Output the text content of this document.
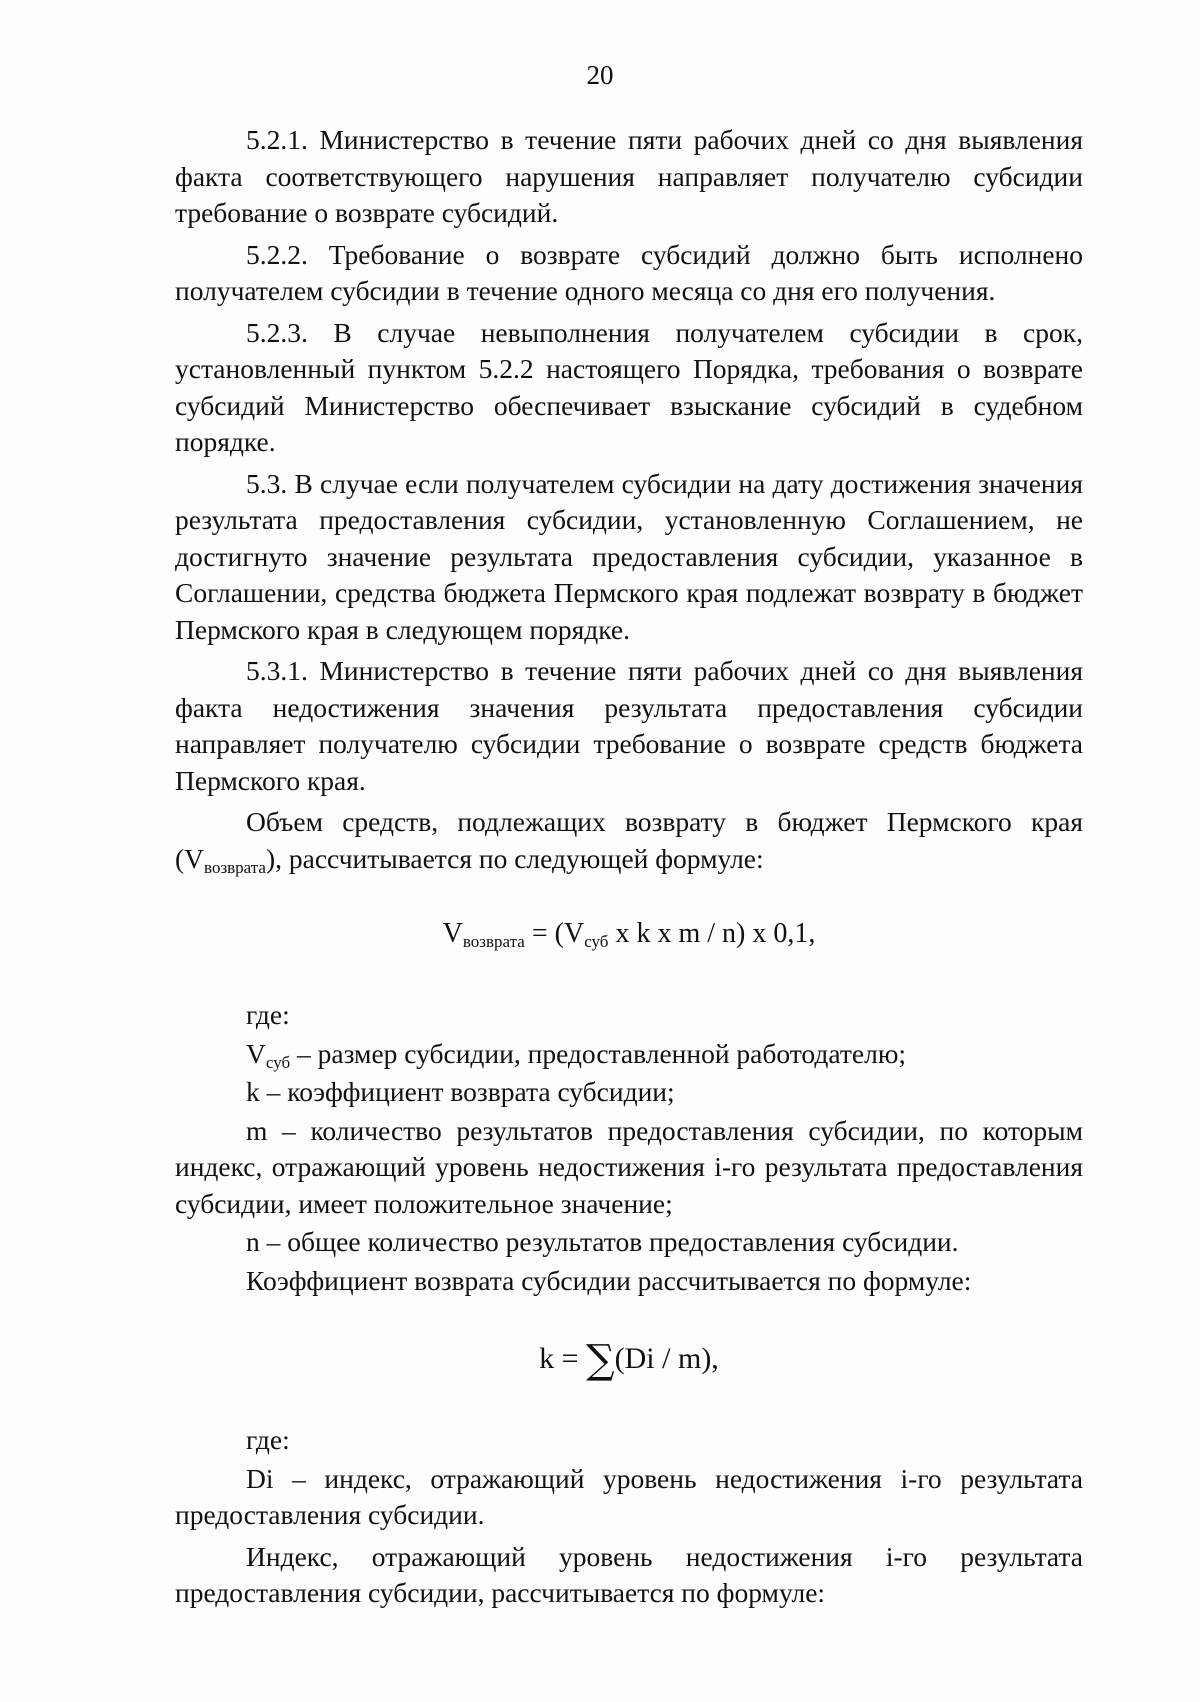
20

5.2.1. Министерство в течение пяти рабочих дней со дня выявления факта соответствующего нарушения направляет получателю субсидии требование о возврате субсидий.

5.2.2. Требование о возврате субсидий должно быть исполнено получателем субсидии в течение одного месяца со дня его получения.

5.2.3. В случае невыполнения получателем субсидии в срок, установленный пунктом 5.2.2 настоящего Порядка, требования о возврате субсидий Министерство обеспечивает взыскание субсидий в судебном порядке.

5.3. В случае если получателем субсидии на дату достижения значения результата предоставления субсидии, установленную Соглашением, не достигнуто значение результата предоставления субсидии, указанное в Соглашении, средства бюджета Пермского края подлежат возврату в бюджет Пермского края в следующем порядке.

5.3.1. Министерство в течение пяти рабочих дней со дня выявления факта недостижения значения результата предоставления субсидии направляет получателю субсидии требование о возврате средств бюджета Пермского края.

Объем средств, подлежащих возврату в бюджет Пермского края $(V_{возврата})$, рассчитывается по следующей формуле:

$V_{возврата} = (V_{суб}$ x k x m / n) x 0,1,

где:

$V_{суб}$ – размер субсидии, предоставленной работодателю;

k – коэффициент возврата субсидии;

m – количество результатов предоставления субсидии, по которым индекс, отражающий уровень недостижения i-го результата предоставления субсидии, имеет положительное значение;

n – общее количество результатов предоставления субсидии.

Коэффициент возврата субсидии рассчитывается по формуле:

k = ∑(Di / m),

где:

Di – индекс, отражающий уровень недостижения i-го результата предоставления субсидии.

Индекс, отражающий уровень недостижения i-го результата предоставления субсидии, рассчитывается по формуле:
